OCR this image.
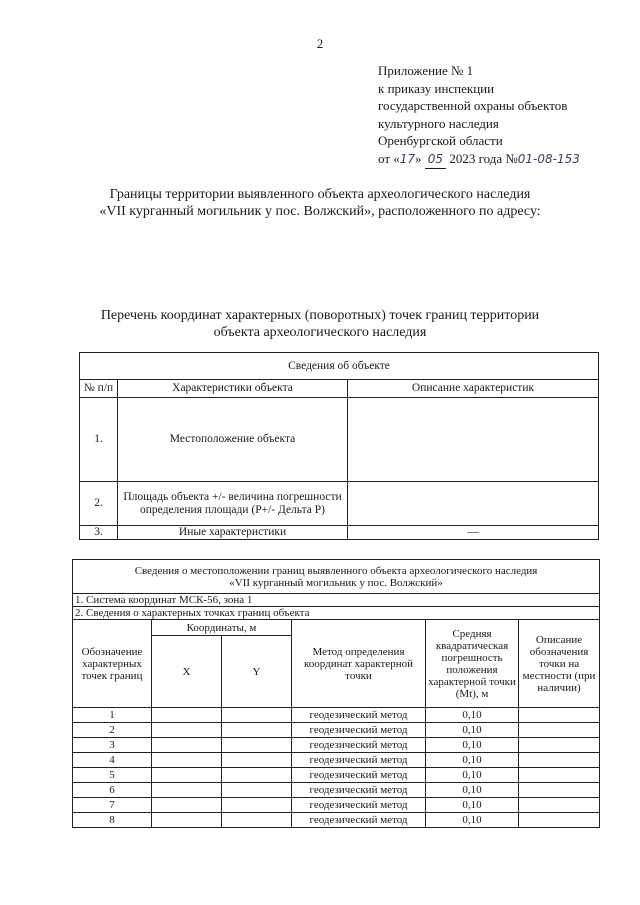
2
Приложение № 1
к приказу инспекции
государственной охраны объектов
культурного наследия
Оренбургской области
от «17» 05 2023 года №01-08-153
Границы территории выявленного объекта археологического наследия
«VII курганный могильник у пос. Волжский», расположенного по адресу:
Перечень координат характерных (поворотных) точек границ территории
объекта археологического наследия
Сведения об объекте		
№ п/п	Характеристики объекта	Описание характеристик
1.	Местоположение объекта	
2.	Площадь объекта +/- величина погрешности определения площади (P+/- Дельта P)	
3.	Иные характеристики	—
Сведения о местоположении границ выявленного объекта археологического наследия
«VII курганный могильник у пос. Волжский»					

1. Система координат МСК-56, зона 1					
2. Сведения о характерных точках границ объекта					
Обозначение характерных точек границ	Координаты, м		Метод определения координат характерной точки	Средняя квадратическая погрешность положения характерной точки (Mt), м	Описание обозначения точки на местности (при наличии)
	X	Y			
1			геодезический метод	0,10	
2			геодезический метод	0,10	
3			геодезический метод	0,10	
4			геодезический метод	0,10	
5			геодезический метод	0,10	
6			геодезический метод	0,10	
7			геодезический метод	0,10	
8			геодезический метод	0,10	
